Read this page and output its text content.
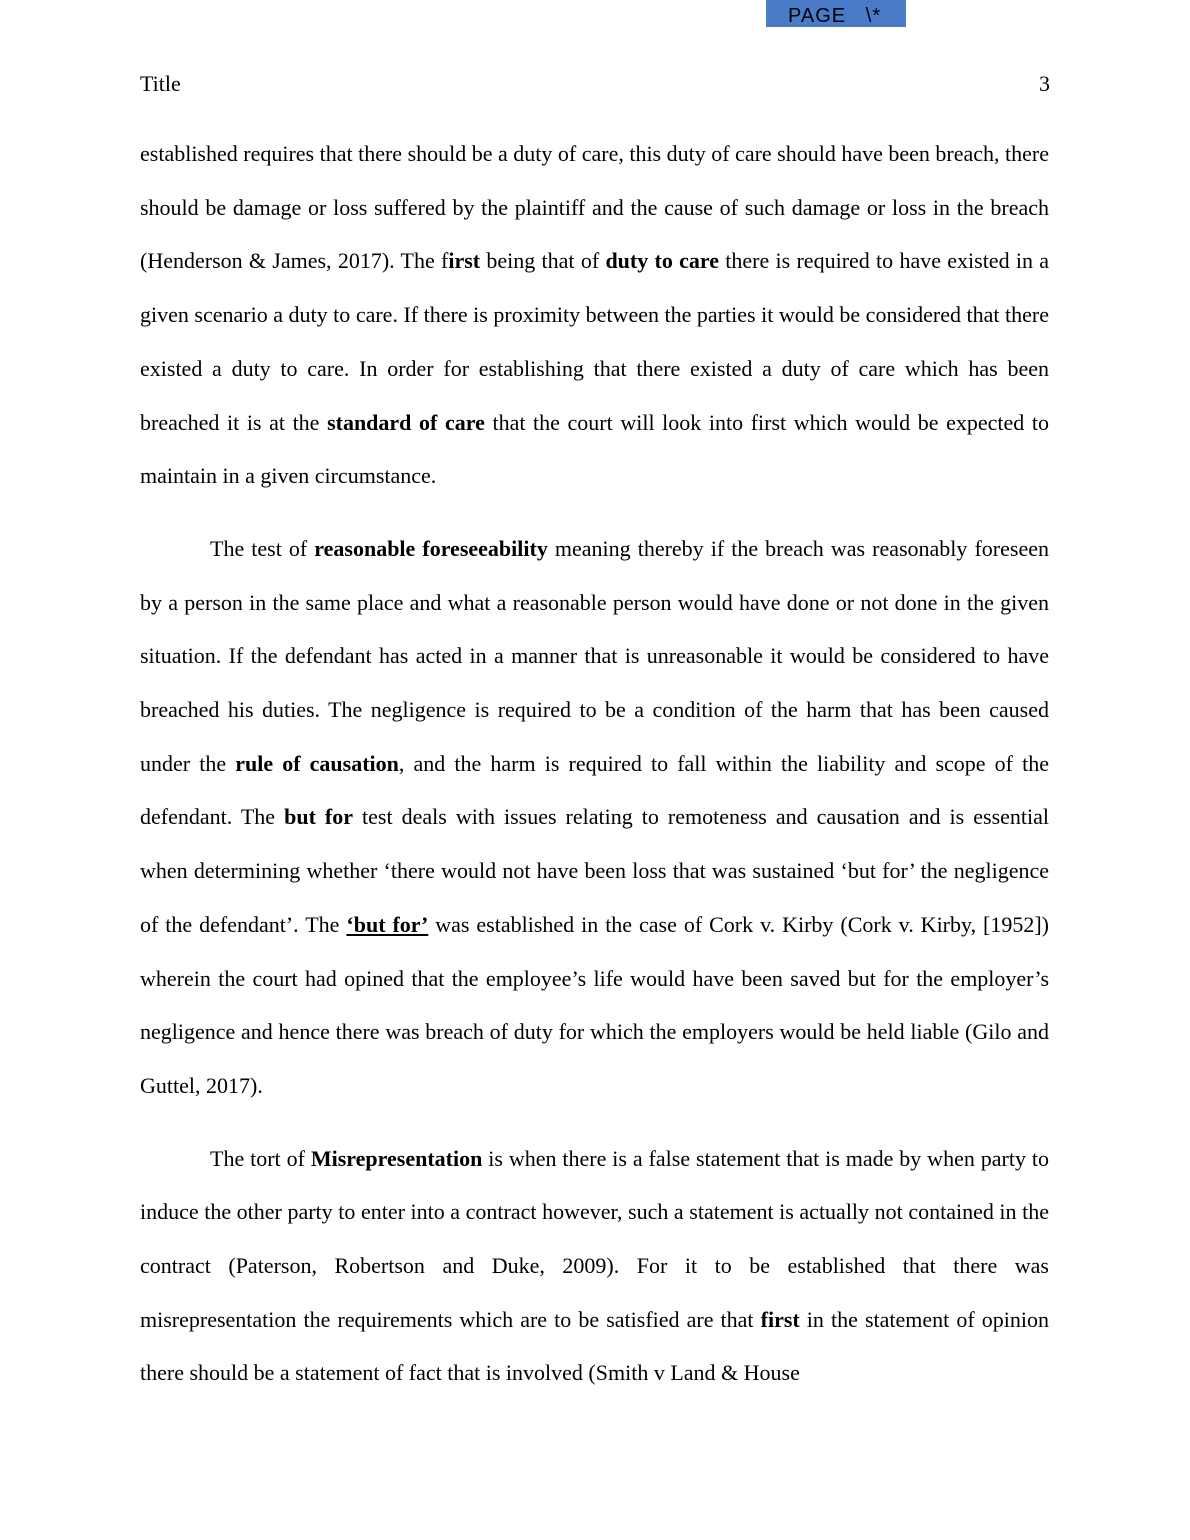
PAGE   \*

Title	3

established requires that there should be a duty of care, this duty of care should have been breach, there should be damage or loss suffered by the plaintiff and the cause of such damage or loss in the breach (Henderson & James, 2017). The first being that of duty to care there is required to have existed in a given scenario a duty to care. If there is proximity between the parties it would be considered that there existed a duty to care. In order for establishing that there existed a duty of care which has been breached it is at the standard of care that the court will look into first which would be expected to maintain in a given circumstance.

The test of reasonable foreseeability meaning thereby if the breach was reasonably foreseen by a person in the same place and what a reasonable person would have done or not done in the given situation. If the defendant has acted in a manner that is unreasonable it would be considered to have breached his duties. The negligence is required to be a condition of the harm that has been caused under the rule of causation, and the harm is required to fall within the liability and scope of the defendant. The but for test deals with issues relating to remoteness and causation and is essential when determining whether ‘there would not have been loss that was sustained ‘but for’ the negligence of the defendant’. The ‘but for’ was established in the case of Cork v. Kirby (Cork v. Kirby, [1952]) wherein the court had opined that the employee’s life would have been saved but for the employer’s negligence and hence there was breach of duty for which the employers would be held liable (Gilo and Guttel, 2017).

The tort of Misrepresentation is when there is a false statement that is made by when party to induce the other party to enter into a contract however, such a statement is actually not contained in the contract (Paterson, Robertson and Duke, 2009). For it to be established that there was misrepresentation the requirements which are to be satisfied are that first in the statement of opinion there should be a statement of fact that is involved (Smith v Land & House
